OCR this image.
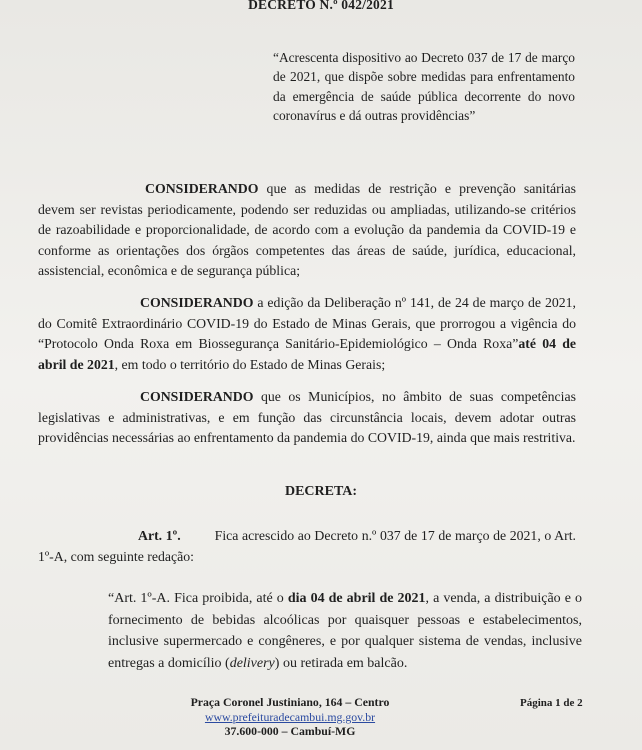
DECRETO N.º 042/2021
“Acrescenta dispositivo ao Decreto 037 de 17 de março de 2021, que dispõe sobre medidas para enfrentamento da emergência de saúde pública decorrente do novo coronavírus e dá outras providências”
CONSIDERANDO que as medidas de restrição e prevenção sanitárias devem ser revistas periodicamente, podendo ser reduzidas ou ampliadas, utilizando-se critérios de razoabilidade e proporcionalidade, de acordo com a evolução da pandemia da COVID-19 e conforme as orientações dos órgãos competentes das áreas de saúde, jurídica, educacional, assistencial, econômica e de segurança pública;
CONSIDERANDO a edição da Deliberação nº 141, de 24 de março de 2021, do Comitê Extraordinário COVID-19 do Estado de Minas Gerais, que prorrogou a vigência do “Protocolo Onda Roxa em Biossegurança Sanitário-Epidemiológico – Onda Roxa”até 04 de abril de 2021, em todo o território do Estado de Minas Gerais;
CONSIDERANDO que os Municípios, no âmbito de suas competências legislativas e administrativas, e em função das circunstância locais, devem adotar outras providências necessárias ao enfrentamento da pandemia do COVID-19, ainda que mais restritiva.
DECRETA:
Art. 1º. Fica acrescido ao Decreto n.º 037 de 17 de março de 2021, o Art. 1º-A, com seguinte redação:
“Art. 1º-A. Fica proibida, até o dia 04 de abril de 2021, a venda, a distribuição e o fornecimento de bebidas alcoólicas por quaisquer pessoas e estabelecimentos, inclusive supermercado e congêneres, e por qualquer sistema de vendas, inclusive entregas a domicílio (delivery) ou retirada em balcão.
Praça Coronel Justiniano, 164 – Centro
www.prefeituradecambui.mg.gov.br
37.600-000 – Cambuí-MG
Página 1 de 2
